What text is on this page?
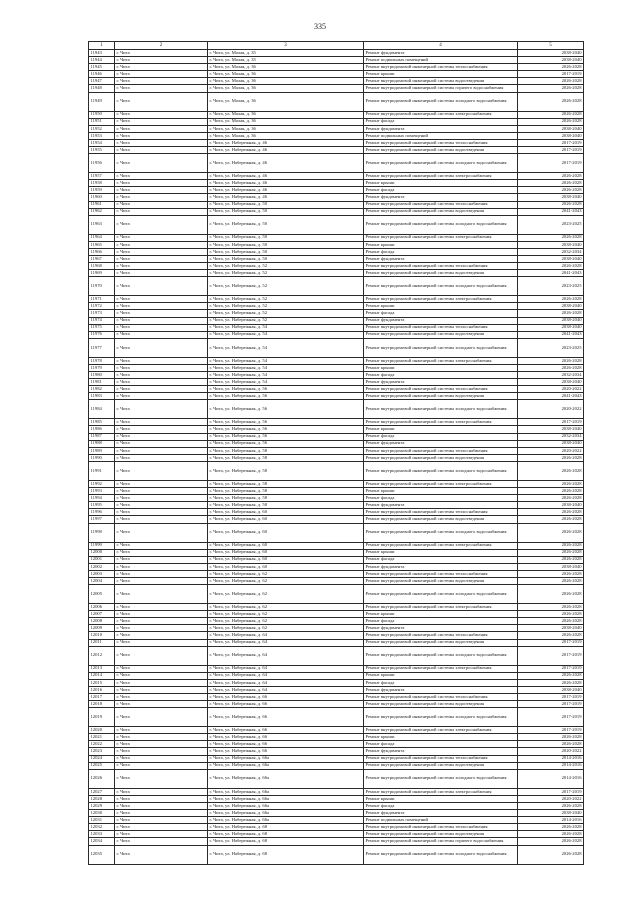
335
1	2	3	4	5
11943	г. Чита	г. Чита, ул. Малая, д. 35	Ремонт фундамента	2038-2040
11944	г. Чита	г. Чита, ул. Малая, д. 35	Ремонт подвальных помещений	2038-2040
11945	г. Чита	г. Чита, ул. Малая, д. 36	Ремонт внутридомовой инженерной системы теплоснабжения	2026-2028
11946	г. Чита	г. Чита, ул. Малая, д. 36	Ремонт крыши	2017-2019
11947	г. Чита	г. Чита, ул. Малая, д. 36	Ремонт внутридомовой инженерной системы водоотведения	2026-2028
11948	г. Чита	г. Чита, ул. Малая, д. 36	Ремонт внутридомовой инженерной системы горячего водоснабжения	2026-2028
11949	г. Чита	г. Чита, ул. Малая, д. 36	Ремонт внутридомовой инженерной системы холодного водоснабжения	2026-2028
11950	г. Чита	г. Чита, ул. Малая, д. 36	Ремонт внутридомовой инженерной системы электроснабжения	2026-2028
11951	г. Чита	г. Чита, ул. Малая, д. 36	Ремонт фасада	2026-2028
11952	г. Чита	г. Чита, ул. Малая, д. 36	Ремонт фундамента	2038-2040
11953	г. Чита	г. Чита, ул. Малая, д. 36	Ремонт подвальных помещений	2038-2040
11954	г. Чита	г. Чита, ул. Набережная, д. 46	Ремонт внутридомовой инженерной системы теплоснабжения	2017-2019
11955	г. Чита	г. Чита, ул. Набережная, д. 46	Ремонт внутридомовой инженерной системы водоотведения	2017-2019
11956	г. Чита	г. Чита, ул. Набережная, д. 46	Ремонт внутридомовой инженерной системы холодного водоснабжения	2017-2019
11957	г. Чита	г. Чита, ул. Набережная, д. 46	Ремонт внутридомовой инженерной системы электроснабжения	2026-2028
11958	г. Чита	г. Чита, ул. Набережная, д. 46	Ремонт крыши	2026-2028
11959	г. Чита	г. Чита, ул. Набережная, д. 46	Ремонт фасада	2026-2028
11960	г. Чита	г. Чита, ул. Набережная, д. 46	Ремонт фундамента	2038-2040
11961	г. Чита	г. Чита, ул. Набережная, д. 50	Ремонт внутридомовой инженерной системы теплоснабжения	2026-2028
11962	г. Чита	г. Чита, ул. Набережная, д. 50	Ремонт внутридомовой инженерной системы водоотведения	2041-2043
11963	г. Чита	г. Чита, ул. Набережная, д. 50	Ремонт внутридомовой инженерной системы холодного водоснабжения	2023-2025
11964	г. Чита	г. Чита, ул. Набережная, д. 50	Ремонт внутридомовой инженерной системы электроснабжения	2026-2028
11965	г. Чита	г. Чита, ул. Набережная, д. 50	Ремонт крыши	2038-2040
11966	г. Чита	г. Чита, ул. Набережная, д. 50	Ремонт фасада	2032-2034
11967	г. Чита	г. Чита, ул. Набережная, д. 50	Ремонт фундамента	2038-2040
11968	г. Чита	г. Чита, ул. Набережная, д. 52	Ремонт внутридомовой инженерной системы теплоснабжения	2026-2028
11969	г. Чита	г. Чита, ул. Набережная, д. 52	Ремонт внутридомовой инженерной системы водоотведения	2041-2043
11970	г. Чита	г. Чита, ул. Набережная, д. 52	Ремонт внутридомовой инженерной системы холодного водоснабжения	2023-2025
11971	г. Чита	г. Чита, ул. Набережная, д. 52	Ремонт внутридомовой инженерной системы электроснабжения	2026-2028
11972	г. Чита	г. Чита, ул. Набережная, д. 52	Ремонт крыши	2038-2040
11973	г. Чита	г. Чита, ул. Набережная, д. 52	Ремонт фасада	2026-2028
11974	г. Чита	г. Чита, ул. Набережная, д. 52	Ремонт фундамента	2038-2040
11975	г. Чита	г. Чита, ул. Набережная, д. 54	Ремонт внутридомовой инженерной системы теплоснабжения	2038-2040
11976	г. Чита	г. Чита, ул. Набережная, д. 54	Ремонт внутридомовой инженерной системы водоотведения	2041-2043
11977	г. Чита	г. Чита, ул. Набережная, д. 54	Ремонт внутридомовой инженерной системы холодного водоснабжения	2023-2025
11978	г. Чита	г. Чита, ул. Набережная, д. 54	Ремонт внутридомовой инженерной системы электроснабжения	2026-2028
11979	г. Чита	г. Чита, ул. Набережная, д. 54	Ремонт крыши	2026-2028
11980	г. Чита	г. Чита, ул. Набережная, д. 54	Ремонт фасада	2032-2034
11981	г. Чита	г. Чита, ул. Набережная, д. 54	Ремонт фундамента	2038-2040
11982	г. Чита	г. Чита, ул. Набережная, д. 56	Ремонт внутридомовой инженерной системы теплоснабжения	2020-2022
11983	г. Чита	г. Чита, ул. Набережная, д. 56	Ремонт внутридомовой инженерной системы водоотведения	2041-2043
11984	г. Чита	г. Чита, ул. Набережная, д. 56	Ремонт внутридомовой инженерной системы холодного водоснабжения	2020-2022
11985	г. Чита	г. Чита, ул. Набережная, д. 56	Ремонт внутридомовой инженерной системы электроснабжения	2017-2019
11986	г. Чита	г. Чита, ул. Набережная, д. 56	Ремонт крыши	2038-2040
11987	г. Чита	г. Чита, ул. Набережная, д. 56	Ремонт фасада	2032-2034
11988	г. Чита	г. Чита, ул. Набережная, д. 56	Ремонт фундамента	2038-2040
11989	г. Чита	г. Чита, ул. Набережная, д. 58	Ремонт внутридомовой инженерной системы теплоснабжения	2020-2022
11990	г. Чита	г. Чита, ул. Набережная, д. 58	Ремонт внутридомовой инженерной системы водоотведения	2026-2028
11991	г. Чита	г. Чита, ул. Набережная, д. 58	Ремонт внутридомовой инженерной системы холодного водоснабжения	2026-2028
11992	г. Чита	г. Чита, ул. Набережная, д. 58	Ремонт внутридомовой инженерной системы электроснабжения	2026-2028
11993	г. Чита	г. Чита, ул. Набережная, д. 58	Ремонт крыши	2026-2028
11994	г. Чита	г. Чита, ул. Набережная, д. 58	Ремонт фасада	2026-2028
11995	г. Чита	г. Чита, ул. Набережная, д. 58	Ремонт фундамента	2038-2040
11996	г. Чита	г. Чита, ул. Набережная, д. 60	Ремонт внутридомовой инженерной системы теплоснабжения	2026-2028
11997	г. Чита	г. Чита, ул. Набережная, д. 60	Ремонт внутридомовой инженерной системы водоотведения	2026-2028
11998	г. Чита	г. Чита, ул. Набережная, д. 60	Ремонт внутридомовой инженерной системы холодного водоснабжения	2026-2028
11999	г. Чита	г. Чита, ул. Набережная, д. 60	Ремонт внутридомовой инженерной системы электроснабжения	2026-2028
12000	г. Чита	г. Чита, ул. Набережная, д. 60	Ремонт крыши	2026-2028
12001	г. Чита	г. Чита, ул. Набережная, д. 60	Ремонт фасада	2026-2028
12002	г. Чита	г. Чита, ул. Набережная, д. 60	Ремонт фундамента	2038-2040
12003	г. Чита	г. Чита, ул. Набережная, д. 62	Ремонт внутридомовой инженерной системы теплоснабжения	2026-2028
12004	г. Чита	г. Чита, ул. Набережная, д. 62	Ремонт внутридомовой инженерной системы водоотведения	2026-2028
12005	г. Чита	г. Чита, ул. Набережная, д. 62	Ремонт внутридомовой инженерной системы холодного водоснабжения	2026-2028
12006	г. Чита	г. Чита, ул. Набережная, д. 62	Ремонт внутридомовой инженерной системы электроснабжения	2026-2028
12007	г. Чита	г. Чита, ул. Набережная, д. 62	Ремонт крыши	2026-2028
12008	г. Чита	г. Чита, ул. Набережная, д. 62	Ремонт фасада	2026-2028
12009	г. Чита	г. Чита, ул. Набережная, д. 62	Ремонт фундамента	2038-2040
12010	г. Чита	г. Чита, ул. Набережная, д. 64	Ремонт внутридомовой инженерной системы теплоснабжения	2026-2028
12011	г. Чита	г. Чита, ул. Набережная, д. 64	Ремонт внутридомовой инженерной системы водоотведения	2017-2019
12012	г. Чита	г. Чита, ул. Набережная, д. 64	Ремонт внутридомовой инженерной системы холодного водоснабжения	2017-2019
12013	г. Чита	г. Чита, ул. Набережная, д. 64	Ремонт внутридомовой инженерной системы электроснабжения	2017-2019
12014	г. Чита	г. Чита, ул. Набережная, д. 64	Ремонт крыши	2026-2028
12015	г. Чита	г. Чита, ул. Набережная, д. 64	Ремонт фасада	2026-2028
12016	г. Чита	г. Чита, ул. Набережная, д. 64	Ремонт фундамента	2038-2040
12017	г. Чита	г. Чита, ул. Набережная, д. 66	Ремонт внутридомовой инженерной системы теплоснабжения	2017-2019
12018	г. Чита	г. Чита, ул. Набережная, д. 66	Ремонт внутридомовой инженерной системы водоотведения	2017-2019
12019	г. Чита	г. Чита, ул. Набережная, д. 66	Ремонт внутридомовой инженерной системы холодного водоснабжения	2017-2019
12020	г. Чита	г. Чита, ул. Набережная, д. 66	Ремонт внутридомовой инженерной системы электроснабжения	2017-2019
12021	г. Чита	г. Чита, ул. Набережная, д. 66	Ремонт крыши	2026-2028
12022	г. Чита	г. Чита, ул. Набережная, д. 66	Ремонт фасада	2026-2028
12023	г. Чита	г. Чита, ул. Набережная, д. 66	Ремонт фундамента	2020-2022
12024	г. Чита	г. Чита, ул. Набережная, д. 66а	Ремонт внутридомовой инженерной системы теплоснабжения	2014-2016
12025	г. Чита	г. Чита, ул. Набережная, д. 66а	Ремонт внутридомовой инженерной системы водоотведения	2014-2016
12026	г. Чита	г. Чита, ул. Набережная, д. 66а	Ремонт внутридомовой инженерной системы холодного водоснабжения	2014-2016
12027	г. Чита	г. Чита, ул. Набережная, д. 66а	Ремонт внутридомовой инженерной системы электроснабжения	2017-2019
12028	г. Чита	г. Чита, ул. Набережная, д. 66а	Ремонт крыши	2020-2022
12029	г. Чита	г. Чита, ул. Набережная, д. 66а	Ремонт фасада	2026-2028
12030	г. Чита	г. Чита, ул. Набережная, д. 66а	Ремонт фундамента	2038-2040
12031	г. Чита	г. Чита, ул. Набережная, д. 66а	Ремонт подвальных помещений	2014-2016
12032	г. Чита	г. Чита, ул. Набережная, д. 68	Ремонт внутридомовой инженерной системы теплоснабжения	2026-2028
12033	г. Чита	г. Чита, ул. Набережная, д. 68	Ремонт внутридомовой инженерной системы водоотведения	2026-2028
12034	г. Чита	г. Чита, ул. Набережная, д. 68	Ремонт внутридомовой инженерной системы горячего водоснабжения	2026-2028
12035	г. Чита	г. Чита, ул. Набережная, д. 68	Ремонт внутридомовой инженерной системы холодного водоснабжения	2026-2028
